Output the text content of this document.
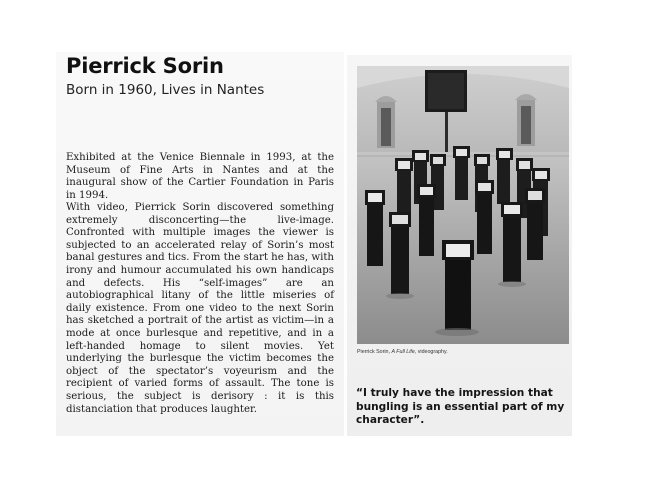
Pierrick Sorin

Born in 1960, Lives in Nantes

Exhibited at the Venice Biennale in 1993, at the Museum of Fine Arts in Nantes and at the inaugural show of the Cartier Foundation in Paris in 1994.

With video, Pierrick Sorin discovered something extremely disconcerting—the live-image. Confronted with multiple images the viewer is subjected to an accelerated relay of Sorin’s most banal gestures and tics. From the start he has, with irony and humour accumulated his own handicaps and defects. His “self-images” are an autobiographical litany of the little miseries of daily existence. From one video to the next Sorin has sketched a portrait of the artist as victim—in a mode at once burlesque and repetitive, and in a left-handed homage to silent movies. Yet underlying the burlesque the victim becomes the object of the spectator’s voyeurism and the recipient of varied forms of assault. The tone is serious, the subject is derisory : it is this distanciation that produces laughter.

Pierrick Sorin, A Full Life, videography.

“I truly have the impression that bungling is an essential part of my character”.
